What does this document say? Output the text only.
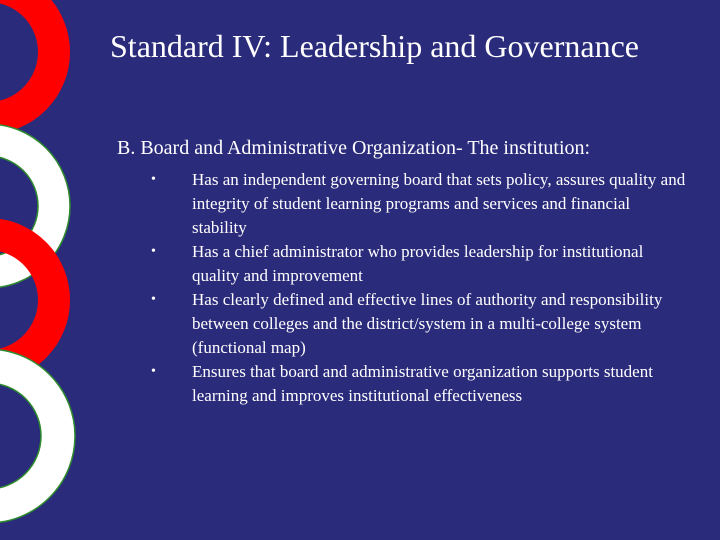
Standard IV: Leadership and Governance

B. Board and Administrative Organization- The institution:

• Has an independent governing board that sets policy, assures quality and integrity of student learning programs and services and financial stability
• Has a chief administrator who provides leadership for institutional quality and improvement
• Has clearly defined and effective lines of authority and responsibility between colleges and the district/system in a multi-college system (functional map)
• Ensures that board and administrative organization supports student learning and improves institutional effectiveness
